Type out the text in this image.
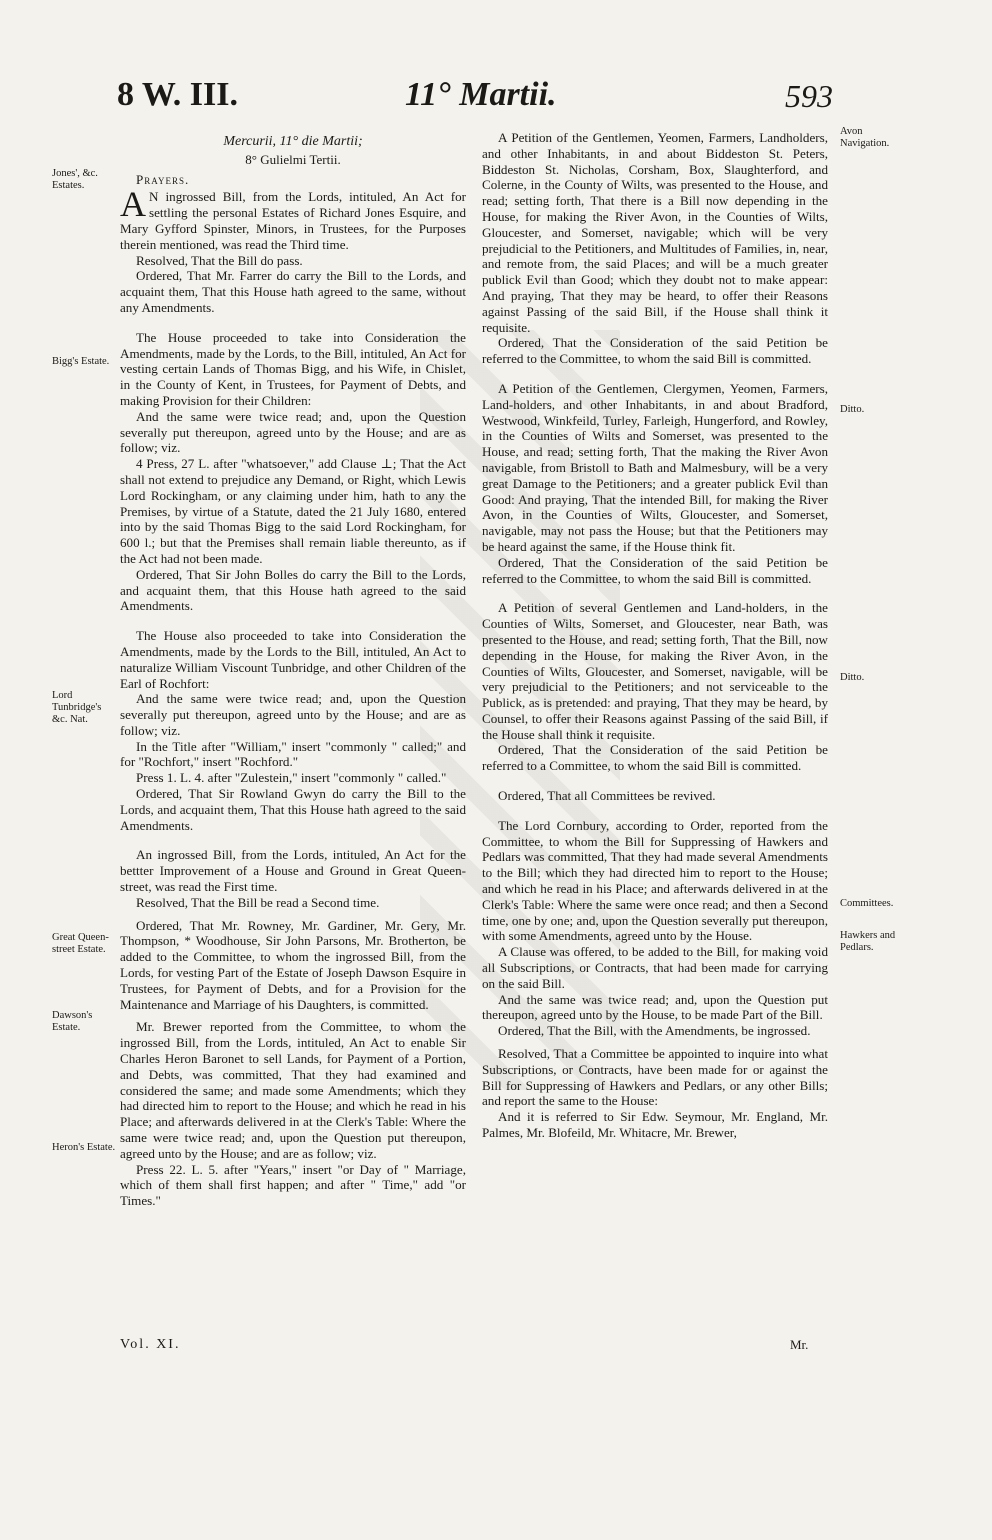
8 W. III.	11° Martii.	593
Jones', &c. Estates.
Bigg's Estate.
Lord Tunbridge's &c. Nat.
Great Queen-street Estate.
Dawson's Estate.
Heron's Estate.
Avon Navigation.
Ditto.
Ditto.
Committees.
Hawkers and Pedlars.
Mercurii, 11° die Martii;
8° Gulielmi Tertii.
Prayers.

A N ingrossed Bill, from the Lords, intituled, An Act for settling the personal Estates of Richard Jones Esquire, and Mary Gyfford Spinster, Minors, in Trustees, for the Purposes therein mentioned, was read the Third time.

Resolved, That the Bill do pass.

Ordered, That Mr. Farrer do carry the Bill to the Lords, and acquaint them, That this House hath agreed to the same, without any Amendments.

The House proceeded to take into Consideration the Amendments, made by the Lords, to the Bill, intituled, An Act for vesting certain Lands of Thomas Bigg, and his Wife, in Chislet, in the County of Kent, in Trustees, for Payment of Debts, and making Provision for their Children:

And the same were twice read; and, upon the Question severally put thereupon, agreed unto by the House; and are as follow; viz.

4 Press, 27 L. after "whatsoever," add Clause ⊥; That the Act shall not extend to prejudice any Demand, or Right, which Lewis Lord Rockingham, or any claiming under him, hath to any the Premises, by virtue of a Statute, dated the 21 July 1680, entered into by the said Thomas Bigg to the said Lord Rockingham, for 600 l.; but that the Premises shall remain liable thereunto, as if the Act had not been made.

Ordered, That Sir John Bolles do carry the Bill to the Lords, and acquaint them, that this House hath agreed to the said Amendments.

The House also proceeded to take into Consideration the Amendments, made by the Lords to the Bill, intituled, An Act to naturalize William Viscount Tunbridge, and other Children of the Earl of Rochfort:

And the same were twice read; and, upon the Question severally put thereupon, agreed unto by the House; and are as follow; viz.

In the Title after "William," insert "commonly " called;" and for "Rochfort," insert "Rochford."

Press 1. L. 4. after "Zulestein," insert "commonly " called."

Ordered, That Sir Rowland Gwyn do carry the Bill to the Lords, and acquaint them, That this House hath agreed to the said Amendments.

An ingrossed Bill, from the Lords, intituled, An Act for the bettter Improvement of a House and Ground in Great Queen-street, was read the First time.

Resolved, That the Bill be read a Second time.

Ordered, That Mr. Rowney, Mr. Gardiner, Mr. Gery, Mr. Thompson, * Woodhouse, Sir John Parsons, Mr. Brotherton, be added to the Committee, to whom the ingrossed Bill, from the Lords, for vesting Part of the Estate of Joseph Dawson Esquire in Trustees, for Payment of Debts, and for a Provision for the Maintenance and Marriage of his Daughters, is committed.

Mr. Brewer reported from the Committee, to whom the ingrossed Bill, from the Lords, intituled, An Act to enable Sir Charles Heron Baronet to sell Lands, for Payment of a Portion, and Debts, was committed, That they had examined and considered the same; and made some Amendments; which they had directed him to report to the House; and which he read in his Place; and afterwards delivered in at the Clerk's Table: Where the same were twice read; and, upon the Question put thereupon, agreed unto by the House; and are as follow; viz.

Press 22. L. 5. after "Years," insert "or Day of " Marriage, which of them shall first happen; and after " Time," add "or Times."

A Petition of the Gentlemen, Yeomen, Farmers, Landholders, and other Inhabitants, in and about Biddeston St. Peters, Biddeston St. Nicholas, Corsham, Box, Slaughterford, and Colerne, in the County of Wilts, was presented to the House, and read; setting forth, That there is a Bill now depending in the House, for making the River Avon, in the Counties of Wilts, Gloucester, and Somerset, navigable; which will be very prejudicial to the Petitioners, and Multitudes of Families, in, near, and remote from, the said Places; and will be a much greater publick Evil than Good; which they doubt not to make appear: And praying, That they may be heard, to offer their Reasons against Passing of the said Bill, if the House shall think it requisite.

Ordered, That the Consideration of the said Petition be referred to the Committee, to whom the said Bill is committed.

A Petition of the Gentlemen, Clergymen, Yeomen, Farmers, Land-holders, and other Inhabitants, in and about Bradford, Westwood, Winkfeild, Turley, Farleigh, Hungerford, and Rowley, in the Counties of Wilts and Somerset, was presented to the House, and read; setting forth, That the making the River Avon navigable, from Bristoll to Bath and Malmesbury, will be a very great Damage to the Petitioners; and a greater publick Evil than Good: And praying, That the intended Bill, for making the River Avon, in the Counties of Wilts, Gloucester, and Somerset, navigable, may not pass the House; but that the Petitioners may be heard against the same, if the House think fit.

Ordered, That the Consideration of the said Petition be referred to the Committee, to whom the said Bill is committed.

A Petition of several Gentlemen and Land-holders, in the Counties of Wilts, Somerset, and Gloucester, near Bath, was presented to the House, and read; setting forth, That the Bill, now depending in the House, for making the River Avon, in the Counties of Wilts, Gloucester, and Somerset, navigable, will be very prejudicial to the Petitioners; and not serviceable to the Publick, as is pretended: and praying, That they may be heard, by Counsel, to offer their Reasons against Passing of the said Bill, if the House shall think it requisite.

Ordered, That the Consideration of the said Petition be referred to a Committee, to whom the said Bill is committed.

Ordered, That all Committees be revived.

The Lord Cornbury, according to Order, reported from the Committee, to whom the Bill for Suppressing of Hawkers and Pedlars was committed, That they had made several Amendments to the Bill; which they had directed him to report to the House; and which he read in his Place; and afterwards delivered in at the Clerk's Table: Where the same were once read; and then a Second time, one by one; and, upon the Question severally put thereupon, with some Amendments, agreed unto by the House.

A Clause was offered, to be added to the Bill, for making void all Subscriptions, or Contracts, that had been made for carrying on the said Bill.

And the same was twice read; and, upon the Question put thereupon, agreed unto by the House, to be made Part of the Bill.

Ordered, That the Bill, with the Amendments, be ingrossed.

Resolved, That a Committee be appointed to inquire into what Subscriptions, or Contracts, have been made for or against the Bill for Suppressing of Hawkers and Pedlars, or any other Bills; and report the same to the House:

And it is referred to Sir Edw. Seymour, Mr. England, Mr. Palmes, Mr. Blofeild, Mr. Whitacre, Mr. Brewer,

Vol. XI.	Mr.
